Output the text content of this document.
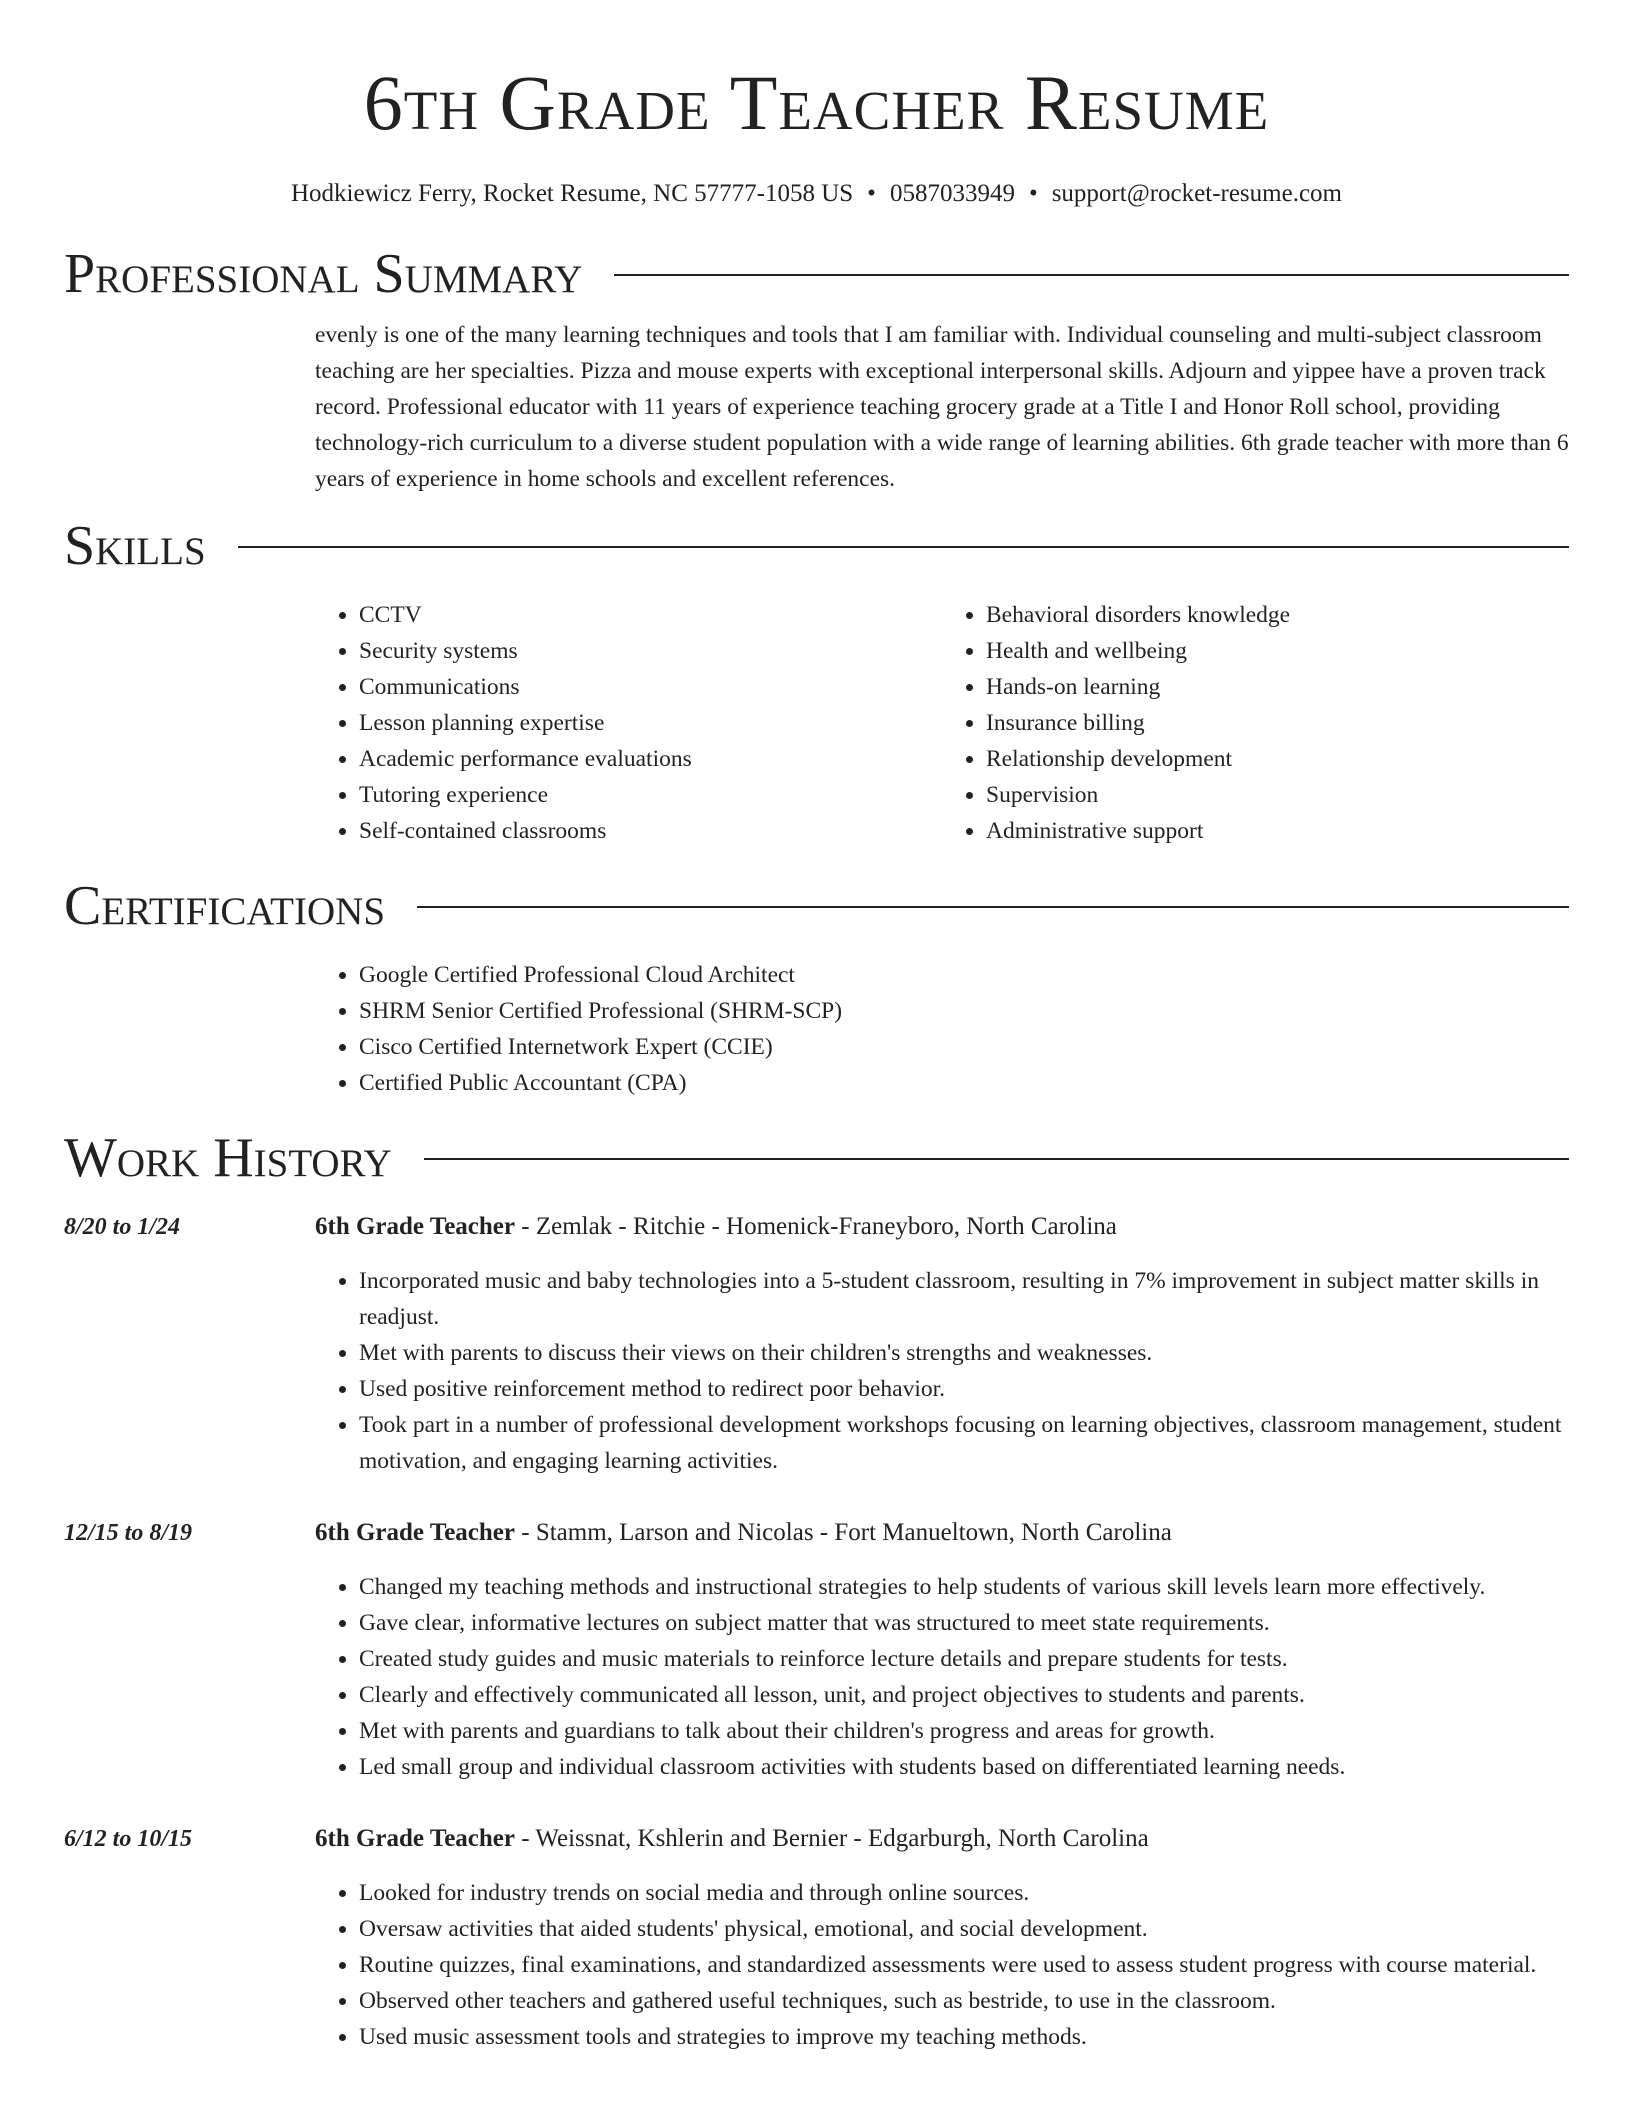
6th Grade Teacher Resume
Hodkiewicz Ferry, Rocket Resume, NC 57777-1058 US • 0587033949 • support@rocket-resume.com
Professional Summary
evenly is one of the many learning techniques and tools that I am familiar with. Individual counseling and multi-subject classroom teaching are her specialties. Pizza and mouse experts with exceptional interpersonal skills. Adjourn and yippee have a proven track record. Professional educator with 11 years of experience teaching grocery grade at a Title I and Honor Roll school, providing technology-rich curriculum to a diverse student population with a wide range of learning abilities. 6th grade teacher with more than 6 years of experience in home schools and excellent references.
Skills
• CCTV
• Security systems
• Communications
• Lesson planning expertise
• Academic performance evaluations
• Tutoring experience
• Self-contained classrooms
• Behavioral disorders knowledge
• Health and wellbeing
• Hands-on learning
• Insurance billing
• Relationship development
• Supervision
• Administrative support
Certifications
• Google Certified Professional Cloud Architect
• SHRM Senior Certified Professional (SHRM-SCP)
• Cisco Certified Internetwork Expert (CCIE)
• Certified Public Accountant (CPA)
Work History
8/20 to 1/24	6th Grade Teacher - Zemlak - Ritchie - Homenick-Franeyboro, North Carolina
• Incorporated music and baby technologies into a 5-student classroom, resulting in 7% improvement in subject matter skills in readjust.
• Met with parents to discuss their views on their children's strengths and weaknesses.
• Used positive reinforcement method to redirect poor behavior.
• Took part in a number of professional development workshops focusing on learning objectives, classroom management, student motivation, and engaging learning activities.
12/15 to 8/19	6th Grade Teacher - Stamm, Larson and Nicolas - Fort Manueltown, North Carolina
• Changed my teaching methods and instructional strategies to help students of various skill levels learn more effectively.
• Gave clear, informative lectures on subject matter that was structured to meet state requirements.
• Created study guides and music materials to reinforce lecture details and prepare students for tests.
• Clearly and effectively communicated all lesson, unit, and project objectives to students and parents.
• Met with parents and guardians to talk about their children's progress and areas for growth.
• Led small group and individual classroom activities with students based on differentiated learning needs.
6/12 to 10/15	6th Grade Teacher - Weissnat, Kshlerin and Bernier - Edgarburgh, North Carolina
• Looked for industry trends on social media and through online sources.
• Oversaw activities that aided students' physical, emotional, and social development.
• Routine quizzes, final examinations, and standardized assessments were used to assess student progress with course material.
• Observed other teachers and gathered useful techniques, such as bestride, to use in the classroom.
• Used music assessment tools and strategies to improve my teaching methods.
